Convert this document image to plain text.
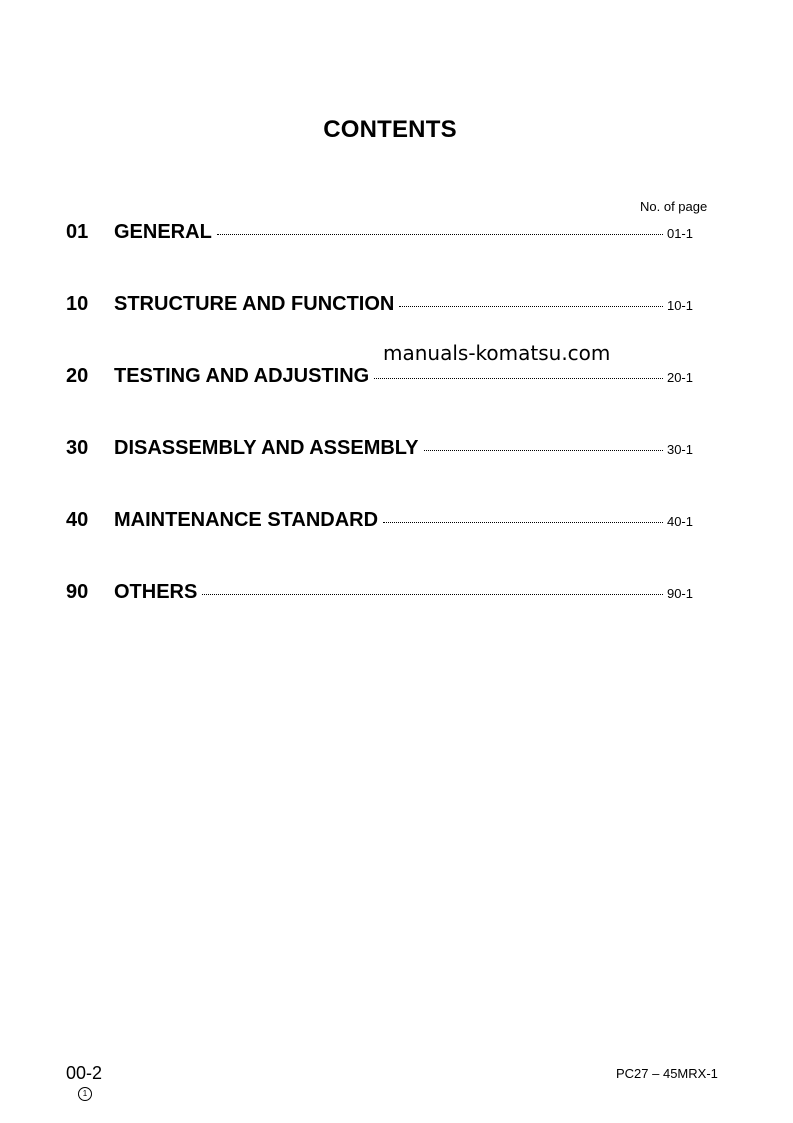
CONTENTS
No. of page
01	GENERAL	01-1
10	STRUCTURE AND FUNCTION	10-1
manuals-komatsu.com
20	TESTING AND ADJUSTING	20-1
30	DISASSEMBLY AND ASSEMBLY	30-1
40	MAINTENANCE STANDARD	40-1
90	OTHERS	90-1
00-2
1
PC27 – 45MRX-1
